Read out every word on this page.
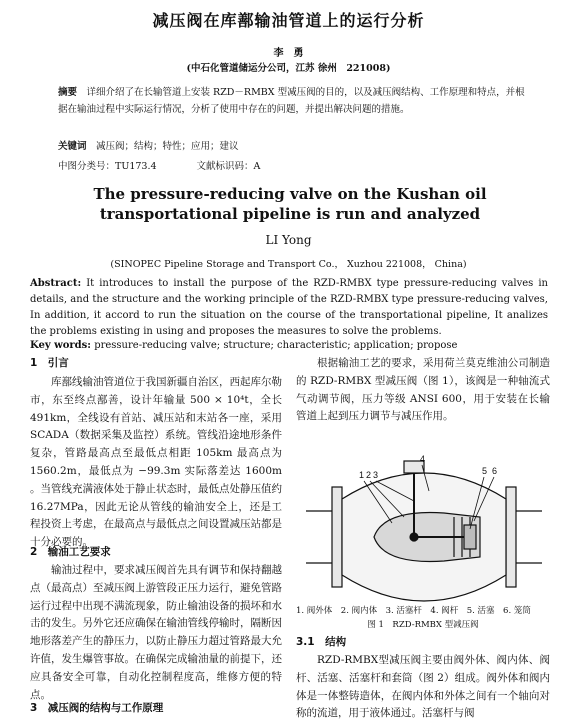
减压阀在库鄯输油管道上的运行分析
李　勇
(中石化管道储运分公司，江苏 徐州　221008)
摘要　 详细介绍了在长输管道上安装 RZD－RMBX 型减压阀的目的，以及减压阀结构、工作原理和特点，并根据在输油过程中实际运行情况，分析了使用中存在的问题，并提出解决问题的措施。
关键词　 减压阀；结构；特性；应用；建议
中图分类号：TU173.4	文献标识码：A
The pressure-reducing valve on the Kushan oil transportational pipeline is run and analyzed
LI Yong
(SINOPEC Pipeline Storage and Transport Co.， Xuzhou 221008， China)
Abstract: It introduces to install the purpose of the RZD-RMBX type pressure-reducing valves in details, and the structure and the working principle of the RZD-RMBX type pressure-reducing valves, In addition, it accord to run the situation on the course of the transportational pipeline, It analizes the problems existing in using and proposes the measures to solve the problems.
Key words: pressure-reducing valve; structure; characteristic; application; propose
1　引言
库鄯线输油管道位于我国新疆自治区，西起库尔勒市，东至终点鄯善，设计年输量 500 × 10⁴t，全长 491km，全线设有首站、减压站和末站各一座，采用 SCADA（数据采集及监控）系统。管线沿途地形条件复杂，管路最高点至最低点相距 105km 最高点为 1560.2m，最低点为 −99.3m 实际落差达 1600m 。当管线充满液体处于静止状态时，最低点处静压值约 16.27MPa，因此无论从管线的输油安全上，还是工程投资上考虑，在最高点与最低点之间设置减压站都是十分必要的。
2　输油工艺要求
输油过程中，要求减压阀首先具有调节和保持翻越点（最高点）至减压阀上游管段正压力运行，避免管路运行过程中出现不满流现象，防止输油设备的损坏和水击的发生。另外它还应确保在输油管线停输时，隔断因地形落差产生的静压力，以防止静压力超过管路最大允许值，发生爆管事故。在确保完成输油量的前提下，还应具备安全可靠，自动化控制程度高，维修方便的特点。
3　减压阀的结构与工作原理
根据输油工艺的要求，采用荷兰莫克维油公司制造的 RZD-RMBX 型减压阀（图 1），该阀是一种轴流式气动调节阀，压力等级 ANSI 600，用于安装在长输管道上起到压力调节与减压作用。
1 2 3
4
5 6
1. 阀外体　2. 阀内体　3. 活塞杆　4. 阀杆　5. 活塞　6. 笼筒
图 1　RZD-RMBX 型减压阀
3.1　结构
RZD-RMBX型减压阀主要由阀外体、阀内体、阀杆、活塞、活塞杆和套筒（图 2）组成。阀外体和阀内体是一体整铸造体，在阀内体和外体之间有一个轴向对称的流道，用于液体通过。活塞杆与阀
